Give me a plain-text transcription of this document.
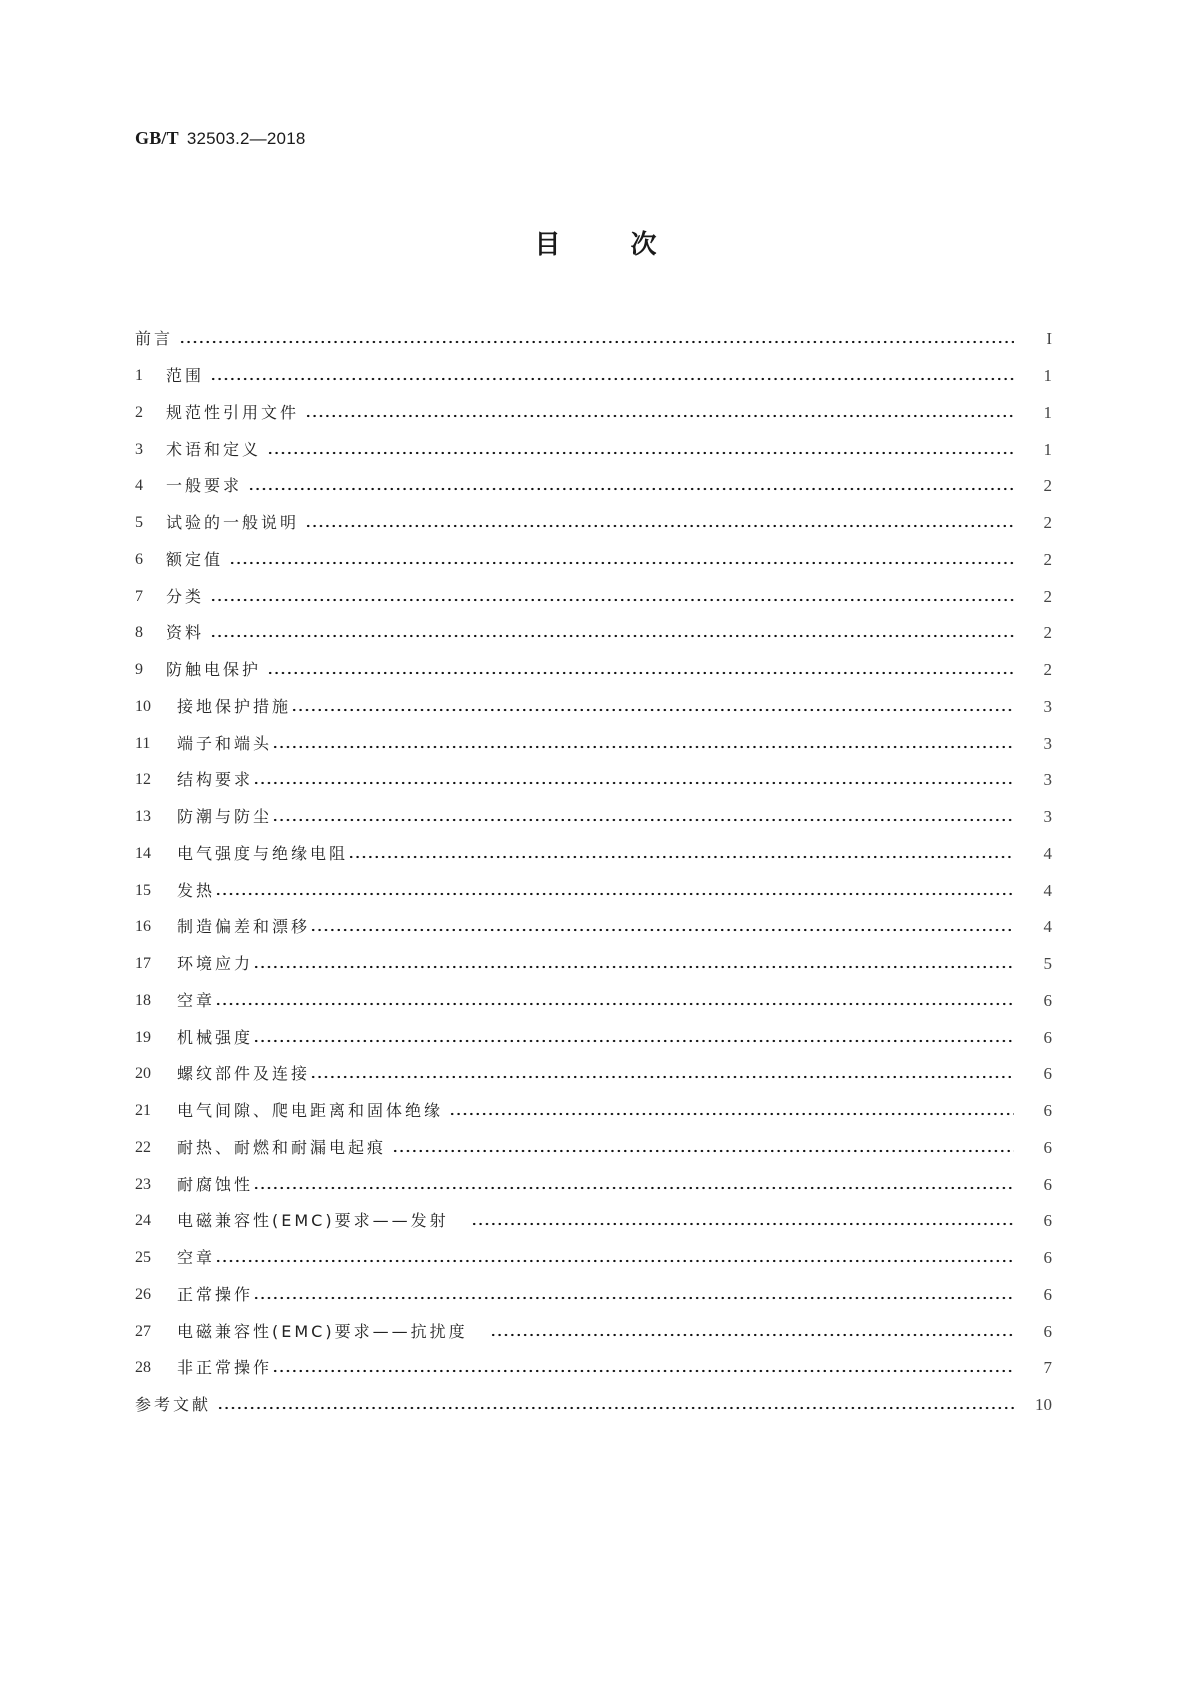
GB/T 32503.2—2018
目	次
前言	I
1	范围	1
2	规范性引用文件	1
3	术语和定义	1
4	一般要求	2
5	试验的一般说明	2
6	额定值	2
7	分类	2
8	资料	2
9	防触电保护	2
10	接地保护措施	3
11	端子和端头	3
12	结构要求	3
13	防潮与防尘	3
14	电气强度与绝缘电阻	4
15	发热	4
16	制造偏差和漂移	4
17	环境应力	5
18	空章	6
19	机械强度	6
20	螺纹部件及连接	6
21	电气间隙、爬电距离和固体绝缘	6
22	耐热、耐燃和耐漏电起痕	6
23	耐腐蚀性	6
24	电磁兼容性(EMC)要求——发射	6
25	空章	6
26	正常操作	6
27	电磁兼容性(EMC)要求——抗扰度	6
28	非正常操作	7
参考文献	10
